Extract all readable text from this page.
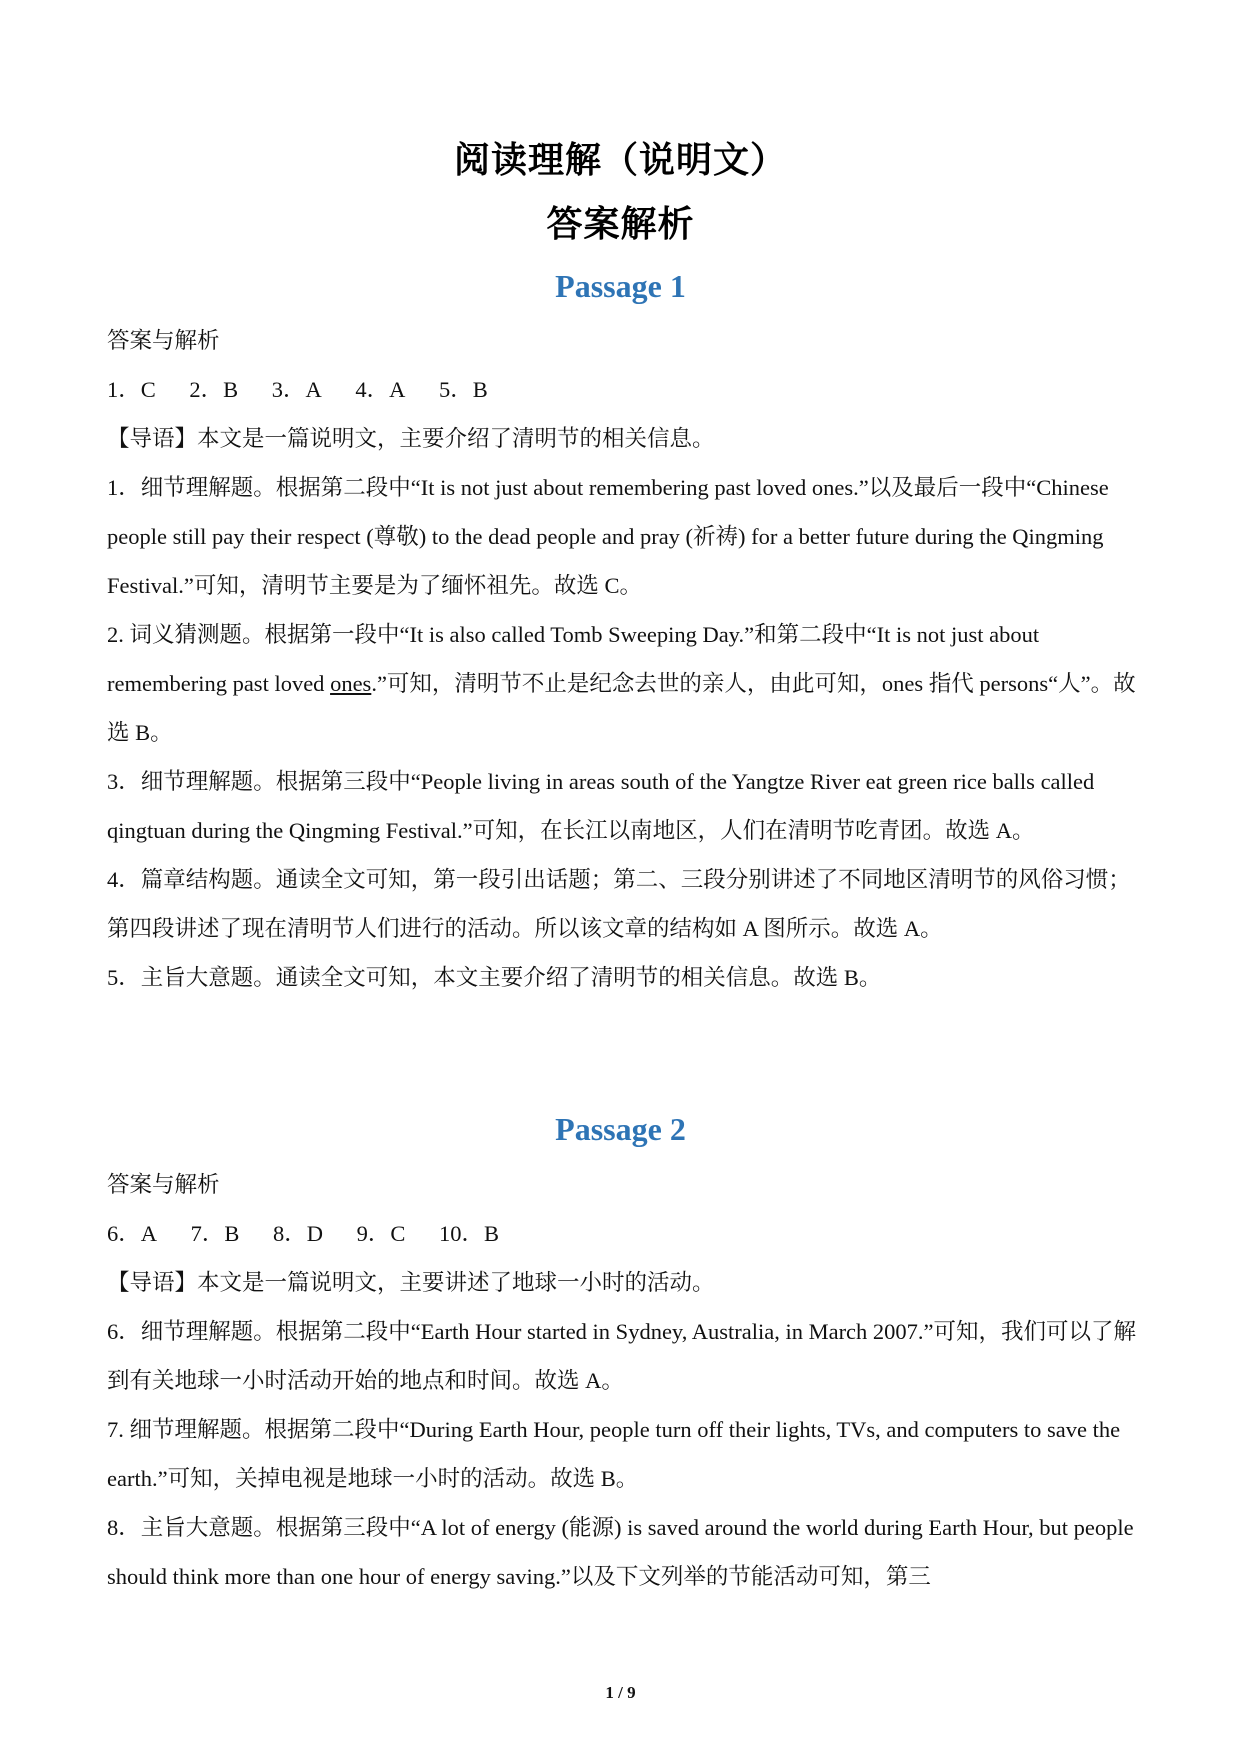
阅读理解（说明文）
答案解析
Passage 1

答案与解析

1．C 2．B 3．A 4．A 5．B

【导语】本文是一篇说明文，主要介绍了清明节的相关信息。

1．细节理解题。根据第二段中“It is not just about remembering past loved ones.”以及最后一段中“Chinese people still pay their respect (尊敬) to the dead people and pray (祈祷) for a better future during the Qingming Festival.”可知，清明节主要是为了缅怀祖先。故选 C。

2. 词义猜测题。根据第一段中“It is also called Tomb Sweeping Day.”和第二段中“It is not just about remembering past loved ones.”可知，清明节不止是纪念去世的亲人，由此可知，ones 指代 persons“人”。故选 B。

3．细节理解题。根据第三段中“People living in areas south of the Yangtze River eat green rice balls called qingtuan during the Qingming Festival.”可知，在长江以南地区，人们在清明节吃青团。故选 A。

4．篇章结构题。通读全文可知，第一段引出话题；第二、三段分别讲述了不同地区清明节的风俗习惯；第四段讲述了现在清明节人们进行的活动。所以该文章的结构如 A 图所示。故选 A。

5．主旨大意题。通读全文可知，本文主要介绍了清明节的相关信息。故选 B。

Passage 2

答案与解析

6．A 7．B 8．D 9．C 10．B

【导语】本文是一篇说明文，主要讲述了地球一小时的活动。

6．细节理解题。根据第二段中“Earth Hour started in Sydney, Australia, in March 2007.”可知，我们可以了解到有关地球一小时活动开始的地点和时间。故选 A。

7. 细节理解题。根据第二段中“During Earth Hour, people turn off their lights, TVs, and computers to save the earth.”可知，关掉电视是地球一小时的活动。故选 B。

8．主旨大意题。根据第三段中“A lot of energy (能源) is saved around the world during Earth Hour, but people should think more than one hour of energy saving.”以及下文列举的节能活动可知，第三

1 / 9
